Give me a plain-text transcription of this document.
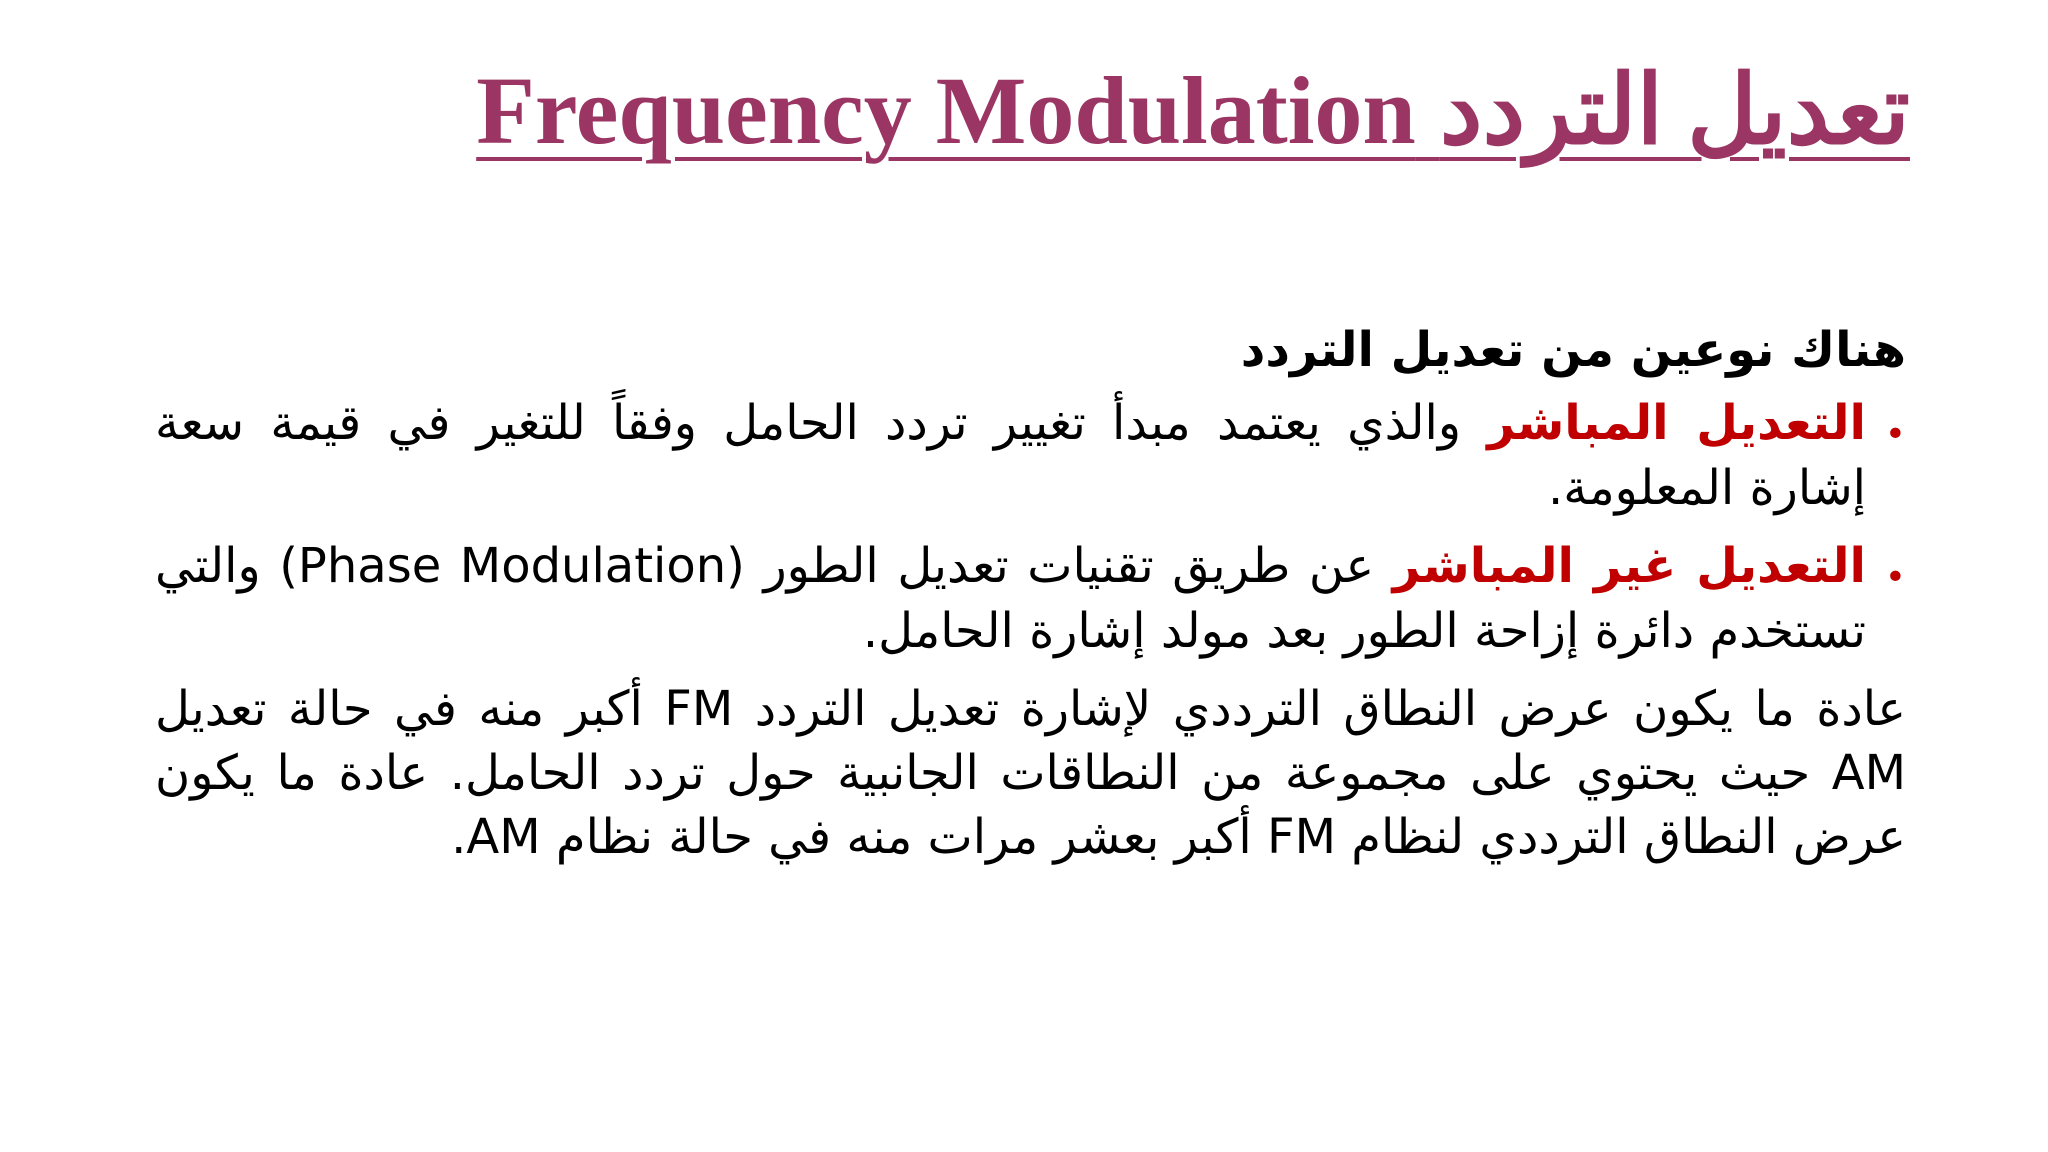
Frequency Modulation تعديل التردد

هناك نوعين من تعديل التردد

•
التعديل المباشر والذي يعتمد مبدأ تغيير تردد الحامل وفقاً للتغير في قيمة سعة إشارة المعلومة.
•
التعديل غير المباشر عن طريق تقنيات تعديل الطور (Phase Modulation) والتي تستخدم دائرة إزاحة الطور بعد مولد إشارة الحامل.

عادة ما يكون عرض النطاق الترددي لإشارة تعديل التردد FM أكبر منه في حالة تعديل AM حيث يحتوي على مجموعة من النطاقات الجانبية حول تردد الحامل. عادة ما يكون عرض النطاق الترددي لنظام FM أكبر بعشر مرات منه في حالة نظام AM.
